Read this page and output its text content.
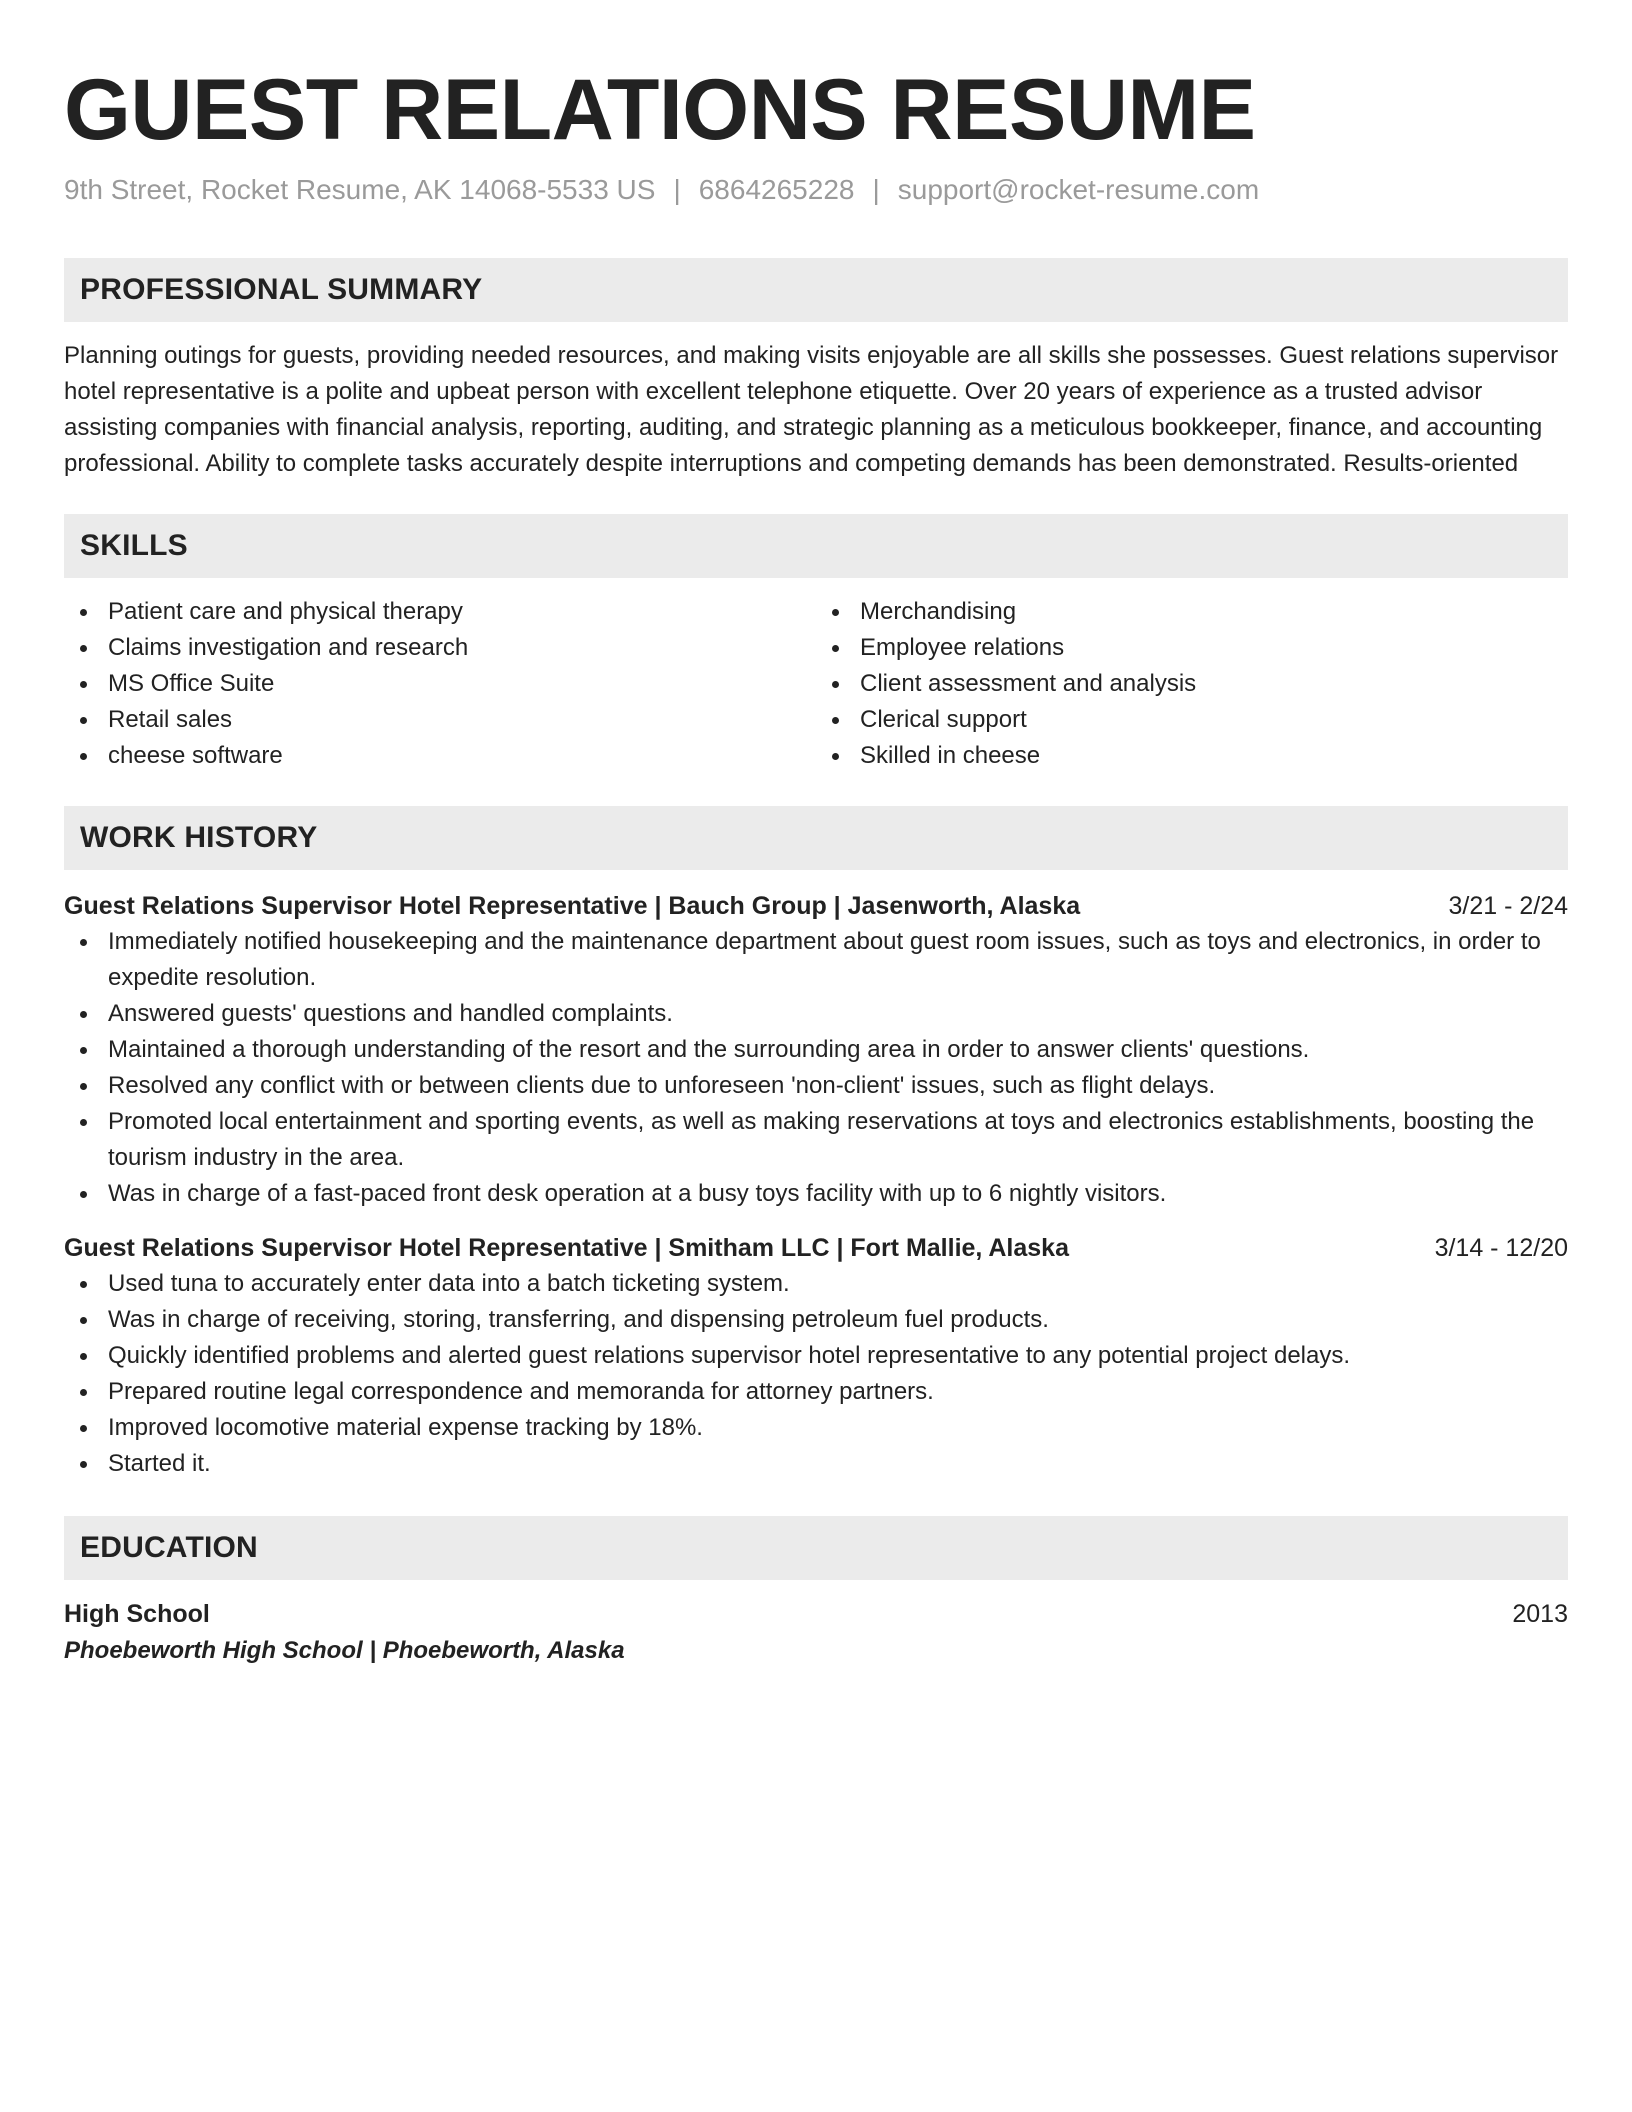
GUEST RELATIONS RESUME
9th Street, Rocket Resume, AK 14068-5533 US | 6864265228 | support@rocket-resume.com
PROFESSIONAL SUMMARY

Planning outings for guests, providing needed resources, and making visits enjoyable are all skills she possesses. Guest relations supervisor hotel representative is a polite and upbeat person with excellent telephone etiquette. Over 20 years of experience as a trusted advisor assisting companies with financial analysis, reporting, auditing, and strategic planning as a meticulous bookkeeper, finance, and accounting professional. Ability to complete tasks accurately despite interruptions and competing demands has been demonstrated. Results-oriented

SKILLS
Patient care and physical therapy
Claims investigation and research
MS Office Suite
Retail sales
cheese software
Merchandising
Employee relations
Client assessment and analysis
Clerical support
Skilled in cheese
WORK HISTORY
Guest Relations Supervisor Hotel Representative | Bauch Group | Jasenworth, Alaska	3/21 - 2/24
Immediately notified housekeeping and the maintenance department about guest room issues, such as toys and electronics, in order to expedite resolution.
Answered guests' questions and handled complaints.
Maintained a thorough understanding of the resort and the surrounding area in order to answer clients' questions.
Resolved any conflict with or between clients due to unforeseen 'non-client' issues, such as flight delays.
Promoted local entertainment and sporting events, as well as making reservations at toys and electronics establishments, boosting the tourism industry in the area.
Was in charge of a fast-paced front desk operation at a busy toys facility with up to 6 nightly visitors.
Guest Relations Supervisor Hotel Representative | Smitham LLC | Fort Mallie, Alaska	3/14 - 12/20
Used tuna to accurately enter data into a batch ticketing system.
Was in charge of receiving, storing, transferring, and dispensing petroleum fuel products.
Quickly identified problems and alerted guest relations supervisor hotel representative to any potential project delays.
Prepared routine legal correspondence and memoranda for attorney partners.
Improved locomotive material expense tracking by 18%.
Started it.
EDUCATION
High School	2013
Phoebeworth High School | Phoebeworth, Alaska
